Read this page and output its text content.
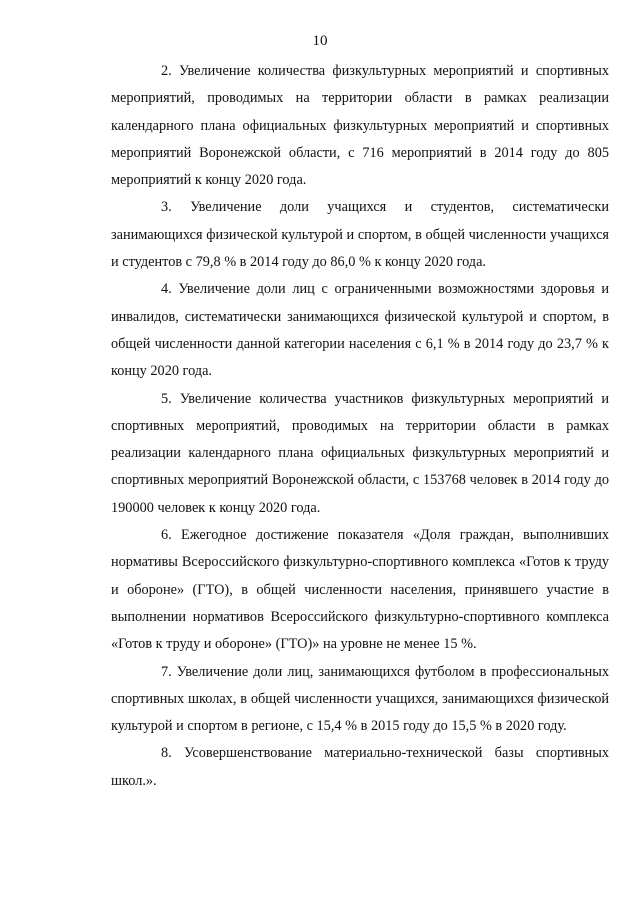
10

2. Увеличение количества физкультурных мероприятий и спортивных мероприятий, проводимых на территории области в рамках реализации календарного плана официальных физкультурных мероприятий и спортивных мероприятий Воронежской области, с 716 мероприятий в 2014 году до 805 мероприятий к концу 2020 года.

3. Увеличение доли учащихся и студентов, систематически занимающихся физической культурой и спортом, в общей численности учащихся и студентов с 79,8 % в 2014 году до 86,0 % к концу 2020 года.

4. Увеличение доли лиц с ограниченными возможностями здоровья и инвалидов, систематически занимающихся физической культурой и спортом, в общей численности данной категории населения с 6,1 % в 2014 году до 23,7 % к концу 2020 года.

5. Увеличение количества участников физкультурных мероприятий и спортивных мероприятий, проводимых на территории области в рамках реализации календарного плана официальных физкультурных мероприятий и спортивных мероприятий Воронежской области, с 153768 человек в 2014 году до 190000 человек к концу 2020 года.

6. Ежегодное достижение показателя «Доля граждан, выполнивших нормативы Всероссийского физкультурно-спортивного комплекса «Готов к труду и обороне» (ГТО), в общей численности населения, принявшего участие в выполнении нормативов Всероссийского физкультурно-спортивного комплекса «Готов к труду и обороне» (ГТО)» на уровне не менее 15 %.

7. Увеличение доли лиц, занимающихся футболом в профессиональных спортивных школах, в общей численности учащихся, занимающихся физической культурой и спортом в регионе, с 15,4 % в 2015 году до 15,5 % в 2020 году.

8. Усовершенствование материально-технической базы спортивных школ.».
